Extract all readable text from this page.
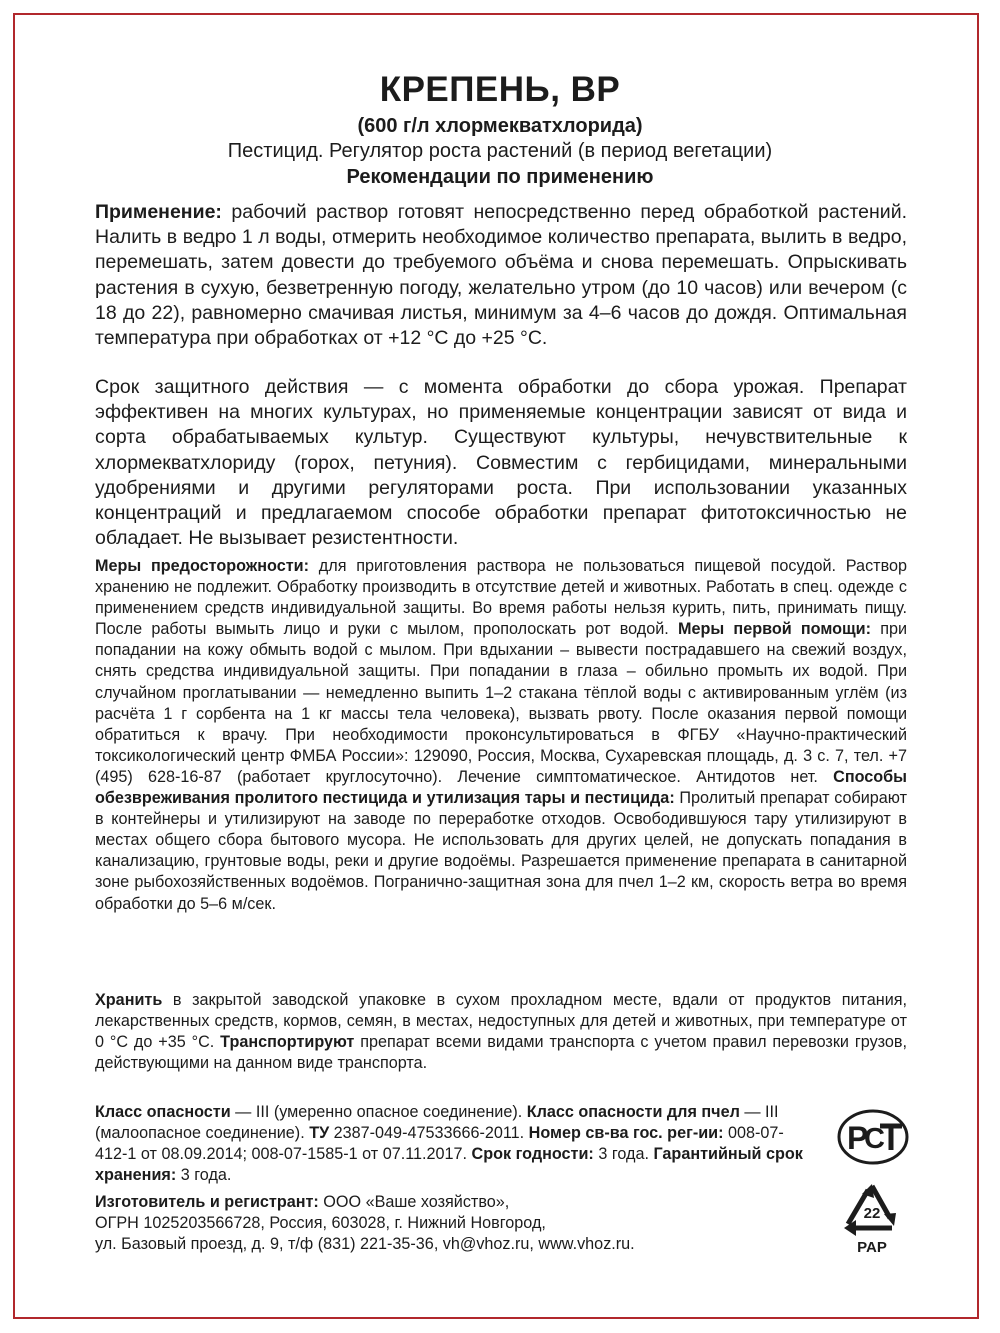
КРЕПЕНЬ, ВР
(600 г/л хлормекватхлорида)
Пестицид. Регулятор роста растений (в период вегетации)
Рекомендации по применению

Применение: рабочий раствор готовят непосредственно перед обработкой растений. Налить в ведро 1 л воды, отмерить необходимое количество препарата, вылить в ведро, перемешать, затем довести до требуемого объёма и снова перемешать. Опрыскивать растения в сухую, безветренную погоду, желательно утром (до 10 часов) или вечером (с 18 до 22), равномерно смачивая листья, минимум за 4–6 часов до дождя. Оптимальная температура при обработках от +12 °С до +25 °С.

Срок защитного действия — с момента обработки до сбора урожая. Препарат эффективен на многих культурах, но применяемые концентрации зависят от вида и сорта обрабатываемых культур. Существуют культуры, нечувствительные к хлормекватхлориду (горох, петуния). Совместим с гербицидами, минеральными удобрениями и другими регуляторами роста. При использовании указанных концентраций и предлагаемом способе обработки препарат фитотоксичностью не обладает. Не вызывает резистентности.

Меры предосторожности: для приготовления раствора не пользоваться пищевой посудой. Раствор хранению не подлежит. Обработку производить в отсутствие детей и животных. Работать в спец. одежде с применением средств индивидуальной защиты. Во время работы нельзя курить, пить, принимать пищу. После работы вымыть лицо и руки с мылом, прополоскать рот водой. Меры первой помощи: при попадании на кожу обмыть водой с мылом. При вдыхании – вывести пострадавшего на свежий воздух, снять средства индивидуальной защиты. При попадании в глаза – обильно промыть их водой. При случайном проглатывании — немедленно выпить 1–2 стакана тёплой воды с активированным углём (из расчёта 1 г сорбента на 1 кг массы тела человека), вызвать рвоту. После оказания первой помощи обратиться к врачу. При необходимости проконсультироваться в ФГБУ «Научно-практический токсикологический центр ФМБА России»: 129090, Россия, Москва, Сухаревская площадь, д. 3 с. 7, тел. +7 (495) 628-16-87 (работает круглосуточно). Лечение симптоматическое. Антидотов нет. Способы обезвреживания пролитого пестицида и утилизация тары и пестицида: Пролитый препарат собирают в контейнеры и утилизируют на заводе по переработке отходов. Освободившуюся тару утилизируют в местах общего сбора бытового мусора. Не использовать для других целей, не допускать попадания в канализацию, грунтовые воды, реки и другие водоёмы. Разрешается применение препарата в санитарной зоне рыбохозяйственных водоёмов. Погранично-защитная зона для пчел 1–2 км, скорость ветра во время обработки до 5–6 м/сек.

Хранить в закрытой заводской упаковке в сухом прохладном месте, вдали от продуктов питания, лекарственных средств, кормов, семян, в местах, недоступных для детей и животных, при температуре от 0 °С до +35 °С. Транспортируют препарат всеми видами транспорта с учетом правил перевозки грузов, действующими на данном виде транспорта.

Класс опасности — III (умеренно опасное соединение). Класс опасности для пчел — III (малоопасное соединение). ТУ 2387-049-47533666-2011. Номер св-ва гос. рег-ии: 008-07-412-1 от 08.09.2014; 008-07-1585-1 от 07.11.2017. Срок годности: 3 года. Гарантийный срок хранения: 3 года.

Изготовитель и регистрант: ООО «Ваше хозяйство»,
ОГРН 1025203566728, Россия, 603028, г. Нижний Новгород,
ул. Базовый проезд, д. 9, т/ф (831) 221-35-36, vh@vhoz.ru, www.vhoz.ru.

Р
С
РСТ
22
PAP
